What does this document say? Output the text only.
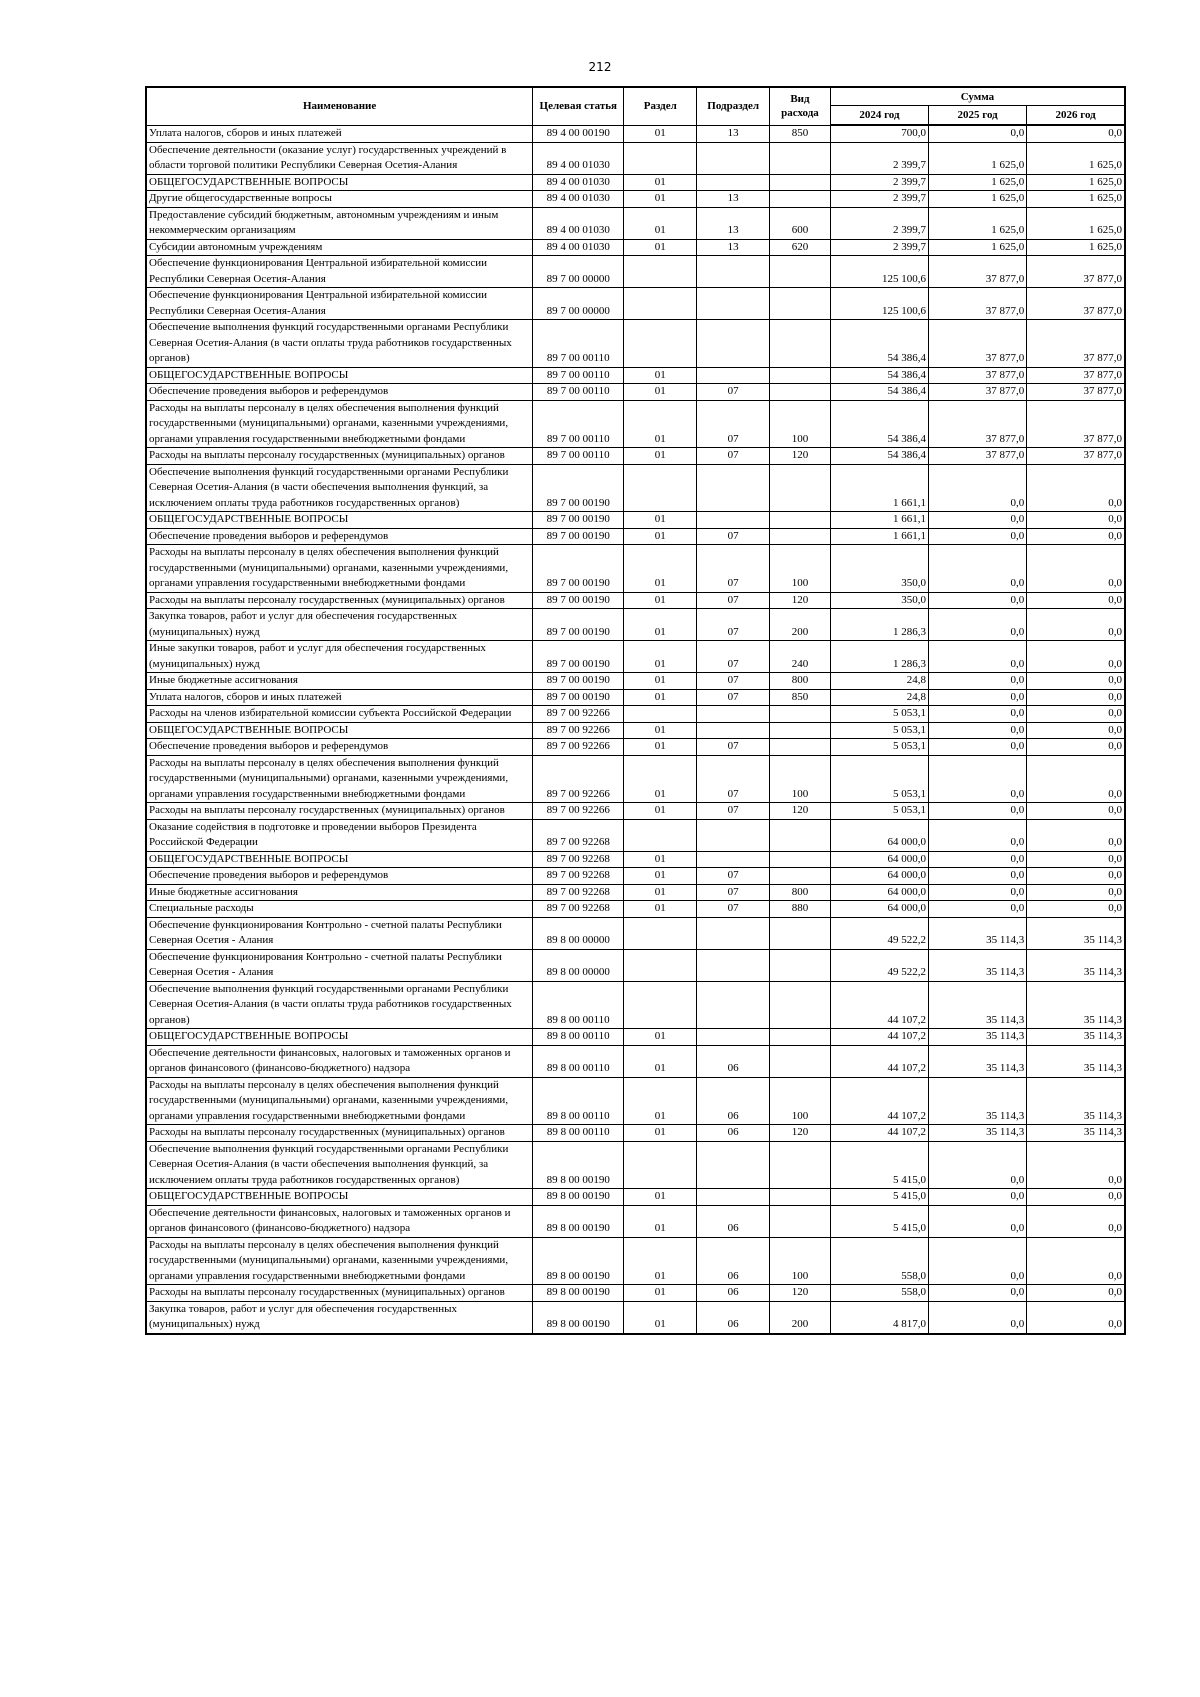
212
Наименование	Целевая статья	Раздел	Подраздел	Вид расхода	Сумма		
					2024 год	2025 год	2026 год
Уплата налогов, сборов и иных платежей	89 4 00 00190	01	13	850	700,0	0,0	0,0
Обеспечение деятельности (оказание услуг) государственных учреждений в области торговой политики Республики Северная Осетия-Алания	89 4 00 01030				2 399,7	1 625,0	1 625,0
ОБЩЕГОСУДАРСТВЕННЫЕ ВОПРОСЫ	89 4 00 01030	01			2 399,7	1 625,0	1 625,0
Другие общегосударственные вопросы	89 4 00 01030	01	13		2 399,7	1 625,0	1 625,0
Предоставление субсидий бюджетным, автономным учреждениям и иным некоммерческим организациям	89 4 00 01030	01	13	600	2 399,7	1 625,0	1 625,0
Субсидии автономным учреждениям	89 4 00 01030	01	13	620	2 399,7	1 625,0	1 625,0
Обеспечение функционирования Центральной избирательной комиссии Республики Северная Осетия-Алания	89 7 00 00000				125 100,6	37 877,0	37 877,0
Обеспечение функционирования Центральной избирательной комиссии Республики Северная Осетия-Алания	89 7 00 00000				125 100,6	37 877,0	37 877,0
Обеспечение выполнения функций государственными органами Республики Северная Осетия-Алания (в части оплаты труда работников государственных органов)	89 7 00 00110				54 386,4	37 877,0	37 877,0
ОБЩЕГОСУДАРСТВЕННЫЕ ВОПРОСЫ	89 7 00 00110	01			54 386,4	37 877,0	37 877,0
Обеспечение проведения выборов и референдумов	89 7 00 00110	01	07		54 386,4	37 877,0	37 877,0
Расходы на выплаты персоналу в целях обеспечения выполнения функций государственными (муниципальными) органами, казенными учреждениями, органами управления государственными внебюджетными фондами	89 7 00 00110	01	07	100	54 386,4	37 877,0	37 877,0
Расходы на выплаты персоналу государственных (муниципальных) органов	89 7 00 00110	01	07	120	54 386,4	37 877,0	37 877,0
Обеспечение выполнения функций государственными органами Республики Северная Осетия-Алания (в части обеспечения выполнения функций, за исключением оплаты труда работников государственных органов)	89 7 00 00190				1 661,1	0,0	0,0
ОБЩЕГОСУДАРСТВЕННЫЕ ВОПРОСЫ	89 7 00 00190	01			1 661,1	0,0	0,0
Обеспечение проведения выборов и референдумов	89 7 00 00190	01	07		1 661,1	0,0	0,0
Расходы на выплаты персоналу в целях обеспечения выполнения функций государственными (муниципальными) органами, казенными учреждениями, органами управления государственными внебюджетными фондами	89 7 00 00190	01	07	100	350,0	0,0	0,0
Расходы на выплаты персоналу государственных (муниципальных) органов	89 7 00 00190	01	07	120	350,0	0,0	0,0
Закупка товаров, работ и услуг для обеспечения государственных (муниципальных) нужд	89 7 00 00190	01	07	200	1 286,3	0,0	0,0
Иные закупки товаров, работ и услуг для обеспечения государственных (муниципальных) нужд	89 7 00 00190	01	07	240	1 286,3	0,0	0,0
Иные бюджетные ассигнования	89 7 00 00190	01	07	800	24,8	0,0	0,0
Уплата налогов, сборов и иных платежей	89 7 00 00190	01	07	850	24,8	0,0	0,0
Расходы на членов избирательной комиссии субъекта Российской Федерации	89 7 00 92266				5 053,1	0,0	0,0
ОБЩЕГОСУДАРСТВЕННЫЕ ВОПРОСЫ	89 7 00 92266	01			5 053,1	0,0	0,0
Обеспечение проведения выборов и референдумов	89 7 00 92266	01	07		5 053,1	0,0	0,0
Расходы на выплаты персоналу в целях обеспечения выполнения функций государственными (муниципальными) органами, казенными учреждениями, органами управления государственными внебюджетными фондами	89 7 00 92266	01	07	100	5 053,1	0,0	0,0
Расходы на выплаты персоналу государственных (муниципальных) органов	89 7 00 92266	01	07	120	5 053,1	0,0	0,0
Оказание содействия в подготовке и проведении выборов Президента Российской Федерации	89 7 00 92268				64 000,0	0,0	0,0
ОБЩЕГОСУДАРСТВЕННЫЕ ВОПРОСЫ	89 7 00 92268	01			64 000,0	0,0	0,0
Обеспечение проведения выборов и референдумов	89 7 00 92268	01	07		64 000,0	0,0	0,0
Иные бюджетные ассигнования	89 7 00 92268	01	07	800	64 000,0	0,0	0,0
Специальные расходы	89 7 00 92268	01	07	880	64 000,0	0,0	0,0
Обеспечение функционирования Контрольно - счетной палаты Республики Северная Осетия - Алания	89 8 00 00000				49 522,2	35 114,3	35 114,3
Обеспечение функционирования Контрольно - счетной палаты Республики Северная Осетия - Алания	89 8 00 00000				49 522,2	35 114,3	35 114,3
Обеспечение выполнения функций государственными органами Республики Северная Осетия-Алания (в части оплаты труда работников государственных органов)	89 8 00 00110				44 107,2	35 114,3	35 114,3
ОБЩЕГОСУДАРСТВЕННЫЕ ВОПРОСЫ	89 8 00 00110	01			44 107,2	35 114,3	35 114,3
Обеспечение деятельности финансовых, налоговых и таможенных органов и органов финансового (финансово-бюджетного) надзора	89 8 00 00110	01	06		44 107,2	35 114,3	35 114,3
Расходы на выплаты персоналу в целях обеспечения выполнения функций государственными (муниципальными) органами, казенными учреждениями, органами управления государственными внебюджетными фондами	89 8 00 00110	01	06	100	44 107,2	35 114,3	35 114,3
Расходы на выплаты персоналу государственных (муниципальных) органов	89 8 00 00110	01	06	120	44 107,2	35 114,3	35 114,3
Обеспечение выполнения функций государственными органами Республики Северная Осетия-Алания (в части обеспечения выполнения функций, за исключением оплаты труда работников государственных органов)	89 8 00 00190				5 415,0	0,0	0,0
ОБЩЕГОСУДАРСТВЕННЫЕ ВОПРОСЫ	89 8 00 00190	01			5 415,0	0,0	0,0
Обеспечение деятельности финансовых, налоговых и таможенных органов и органов финансового (финансово-бюджетного) надзора	89 8 00 00190	01	06		5 415,0	0,0	0,0
Расходы на выплаты персоналу в целях обеспечения выполнения функций государственными (муниципальными) органами, казенными учреждениями, органами управления государственными внебюджетными фондами	89 8 00 00190	01	06	100	558,0	0,0	0,0
Расходы на выплаты персоналу государственных (муниципальных) органов	89 8 00 00190	01	06	120	558,0	0,0	0,0
Закупка товаров, работ и услуг для обеспечения государственных (муниципальных) нужд	89 8 00 00190	01	06	200	4 817,0	0,0	0,0
